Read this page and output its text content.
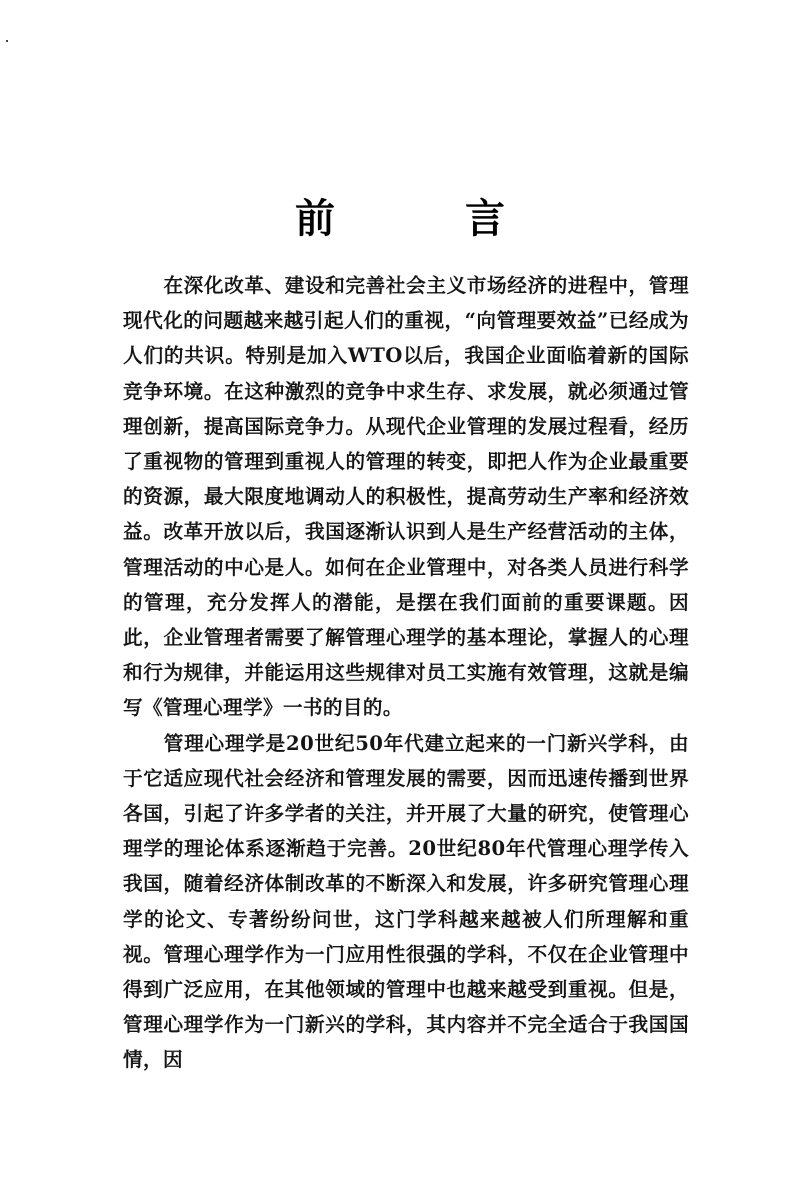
前 言

　　在深化改革、建设和完善社会主义市场经济的进程中，管理现代化的问题越来越引起人们的重视，“向管理要效益”已经成为人们的共识。特别是加入WTO以后，我国企业面临着新的国际竞争环境。在这种激烈的竞争中求生存、求发展，就必须通过管理创新，提高国际竞争力。从现代企业管理的发展过程看，经历了重视物的管理到重视人的管理的转变，即把人作为企业最重要的资源，最大限度地调动人的积极性，提高劳动生产率和经济效益。改革开放以后，我国逐渐认识到人是生产经营活动的主体，管理活动的中心是人。如何在企业管理中，对各类人员进行科学的管理，充分发挥人的潜能，是摆在我们面前的重要课题。因此，企业管理者需要了解管理心理学的基本理论，掌握人的心理和行为规律，并能运用这些规律对员工实施有效管理，这就是编写《管理心理学》一书的目的。

　　管理心理学是20世纪50年代建立起来的一门新兴学科，由于它适应现代社会经济和管理发展的需要，因而迅速传播到世界各国，引起了许多学者的关注，并开展了大量的研究，使管理心理学的理论体系逐渐趋于完善。20世纪80年代管理心理学传入我国，随着经济体制改革的不断深入和发展，许多研究管理心理学的论文、专著纷纷问世，这门学科越来越被人们所理解和重视。管理心理学作为一门应用性很强的学科，不仅在企业管理中得到广泛应用，在其他领域的管理中也越来越受到重视。但是，管理心理学作为一门新兴的学科，其内容并不完全适合于我国国情，因
